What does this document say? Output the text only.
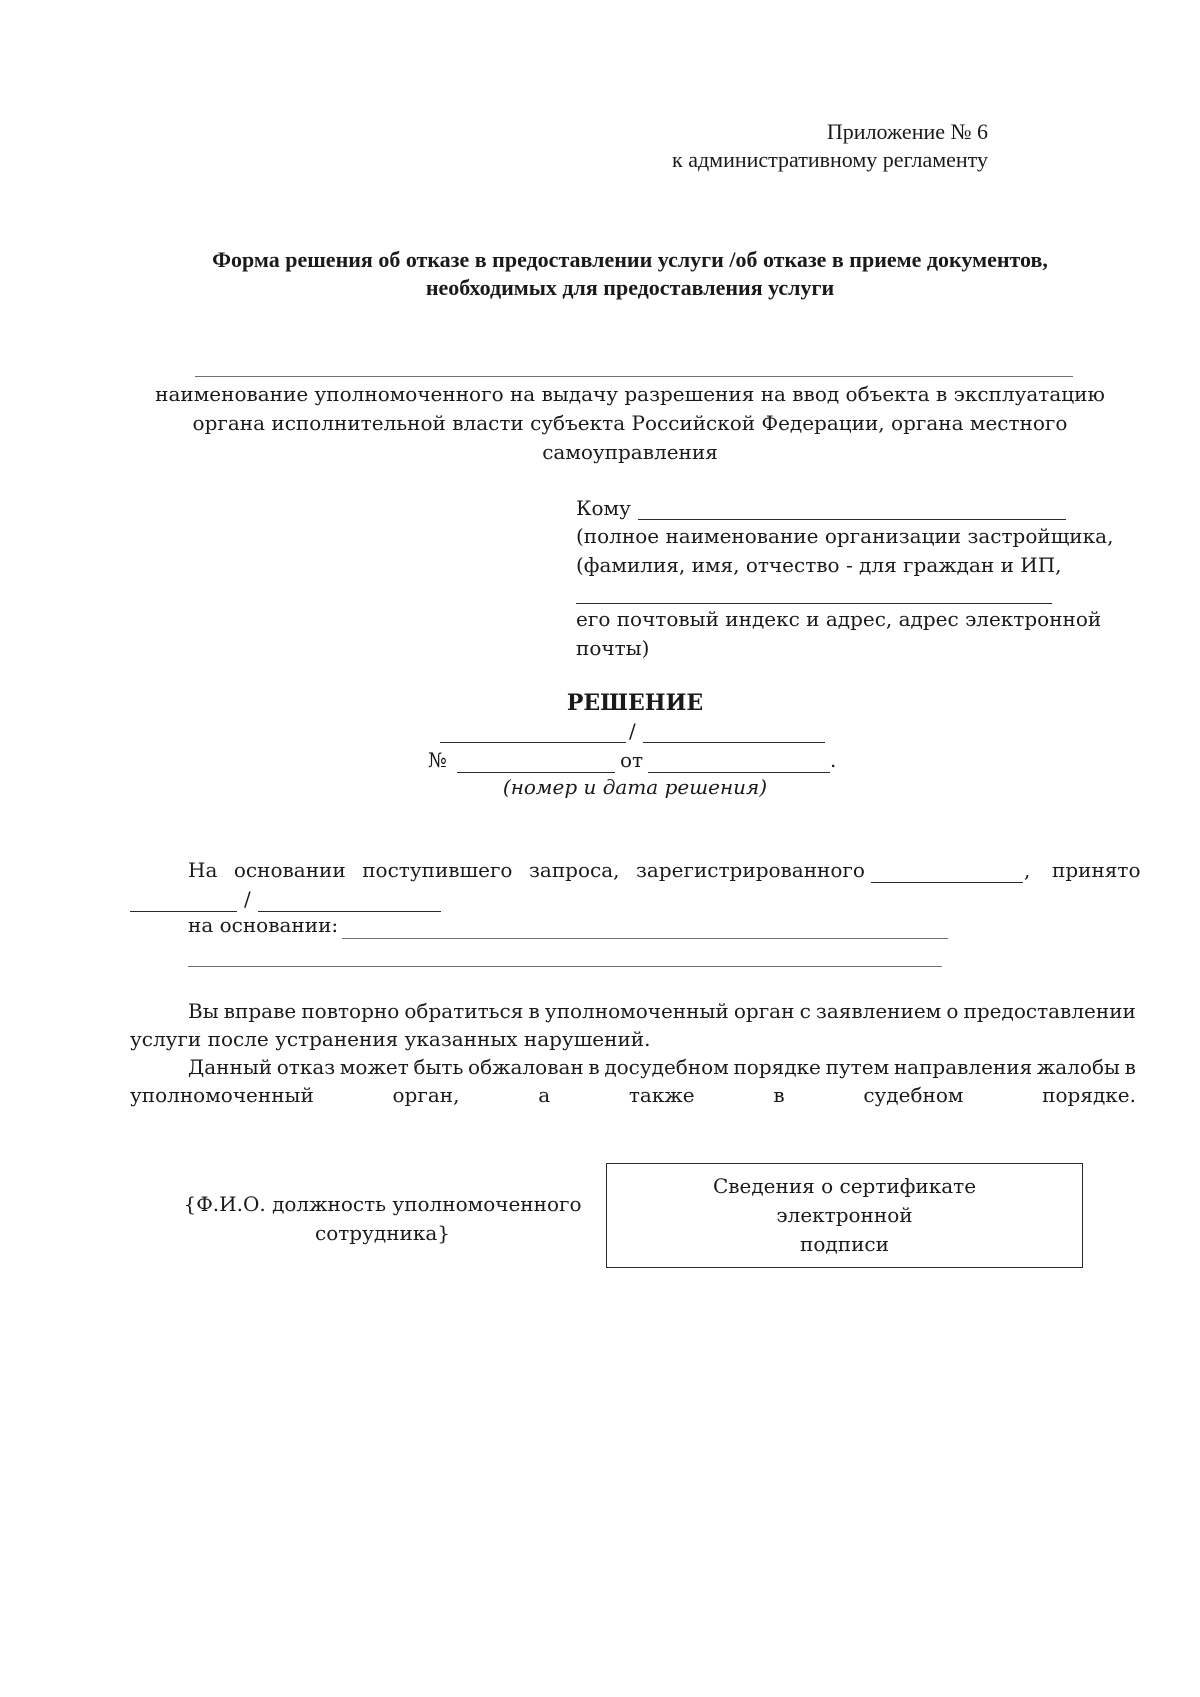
Приложение № 6
к административному регламенту
Форма решения об отказе в предоставлении услуги /об отказе в приеме документов,
необходимых для предоставления услуги
наименование уполномоченного на выдачу разрешения на ввод объекта в эксплуатацию
органа исполнительной власти субъекта Российской Федерации, органа местного
самоуправления
Кому
(полное наименование организации застройщика,
(фамилия, имя, отчество - для граждан и ИП,
его почтовый индекс и адрес, адрес электронной
почты)
РЕШЕНИЕ
/
№	от	.
(номер и дата решения)
На основании поступившего запроса, зарегистрированного	, принято
/
на основании:
Вы вправе повторно обратиться в уполномоченный орган с заявлением о предоставлении
услуги после устранения указанных нарушений.
Данный отказ может быть обжалован в досудебном порядке путем направления жалобы в
уполномоченный	орган,	а	также	в	судебном	порядке.
{Ф.И.О. должность уполномоченного
сотрудника}
Сведения о сертификате
электронной
подписи
